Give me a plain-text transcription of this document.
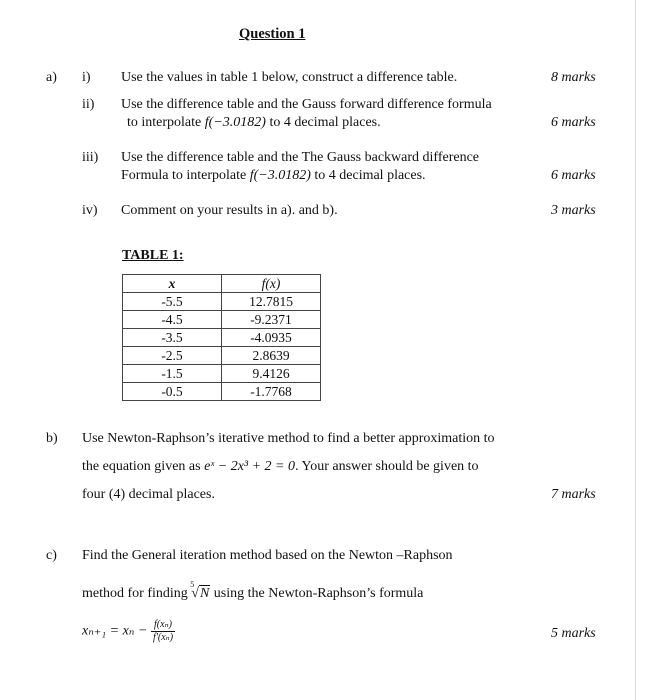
Question 1
a) i) Use the values in table 1 below, construct a difference table.	8 marks
ii) Use the difference table and the Gauss forward difference formula
to interpolate f(−3.0182) to 4 decimal places.	6 marks
iii) Use the difference table and the The Gauss backward difference
Formula to interpolate f(−3.0182) to 4 decimal places.	6 marks
iv) Comment on your results in a). and b).	3 marks
TABLE 1:
x	f(x)
-5.5	12.7815
-4.5	-9.2371
-3.5	-4.0935
-2.5	2.8639
-1.5	9.4126
-0.5	-1.7768
b) Use Newton-Raphson’s iterative method to find a better approximation to
the equation given as eˣ − 2x³ + 2 = 0. Your answer should be given to
four (4) decimal places.	7 marks
c) Find the General iteration method based on the Newton –Raphson
method for finding
5
√N using the Newton-Raphson’s formula
$x_{n+1} = x_n - \frac{\text{f(xₙ)}}{\text{f′(xₙ)}}$	5 marks
